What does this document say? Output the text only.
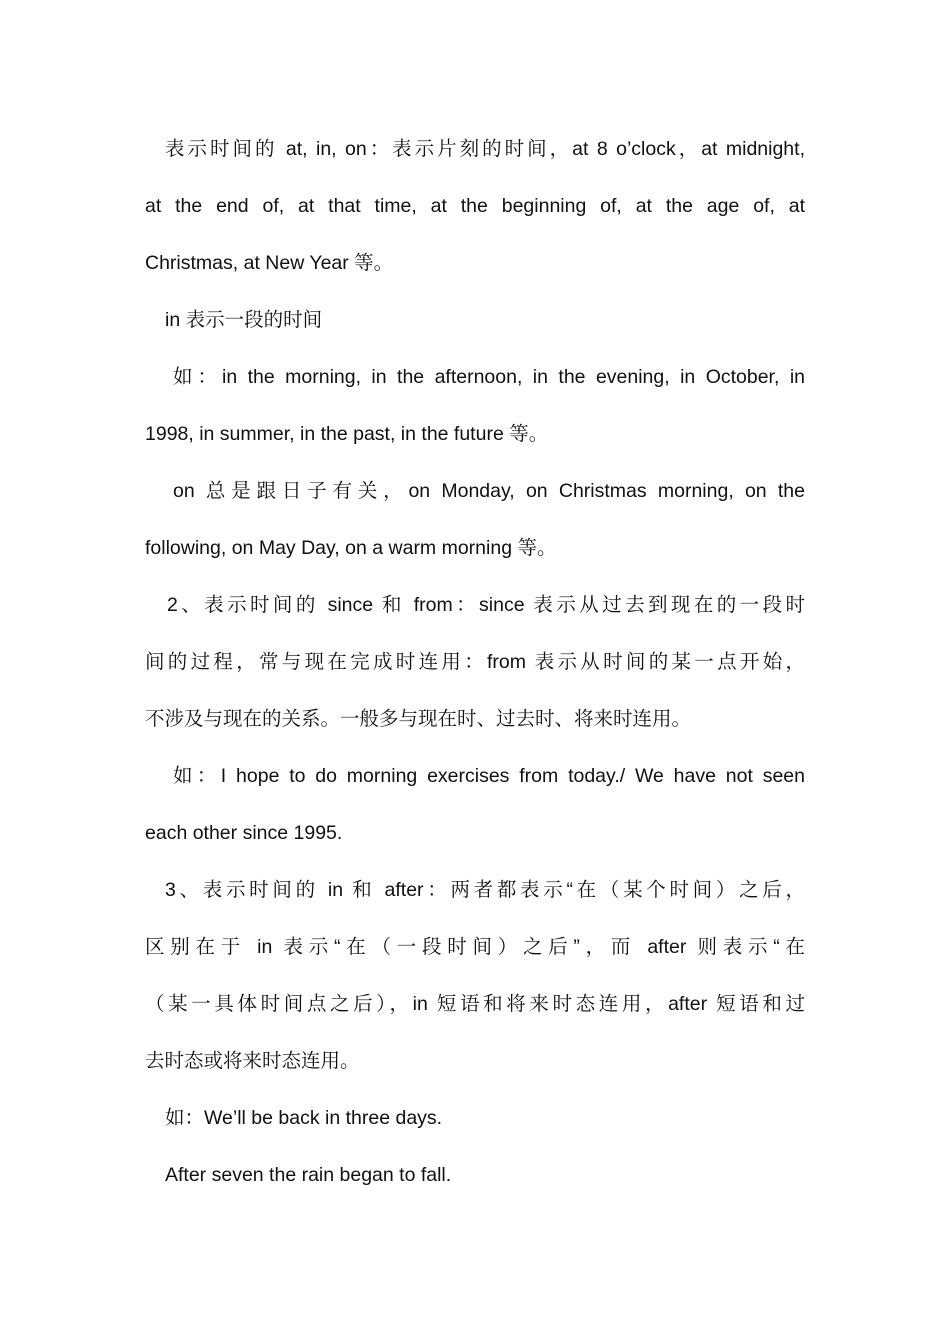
表示时间的 at, in, on：表示片刻的时间，at 8 o’clock，at midnight,
at the end of, at that time, at the beginning of, at the age of, at
Christmas, at New Year 等。
in 表示一段的时间
如：in the morning, in the afternoon, in the evening, in October, in
1998, in summer, in the past, in the future 等。
on 总是跟日子有关，on Monday, on Christmas morning, on the
following, on May Day, on a warm morning 等。
2、表示时间的 since 和 from：since 表示从过去到现在的一段时
间的过程，常与现在完成时连用：from 表示从时间的某一点开始，
不涉及与现在的关系。一般多与现在时、过去时、将来时连用。
如：I hope to do morning exercises from today./ We have not seen
each other since 1995.
3、表示时间的 in 和 after：两者都表示“在（某个时间）之后，
区别在于 in 表示“在（一段时间）之后”，而 after 则表示“在
（某一具体时间点之后），in 短语和将来时态连用，after 短语和过
去时态或将来时态连用。
如：We’ll be back in three days.
After seven the rain began to fall.
